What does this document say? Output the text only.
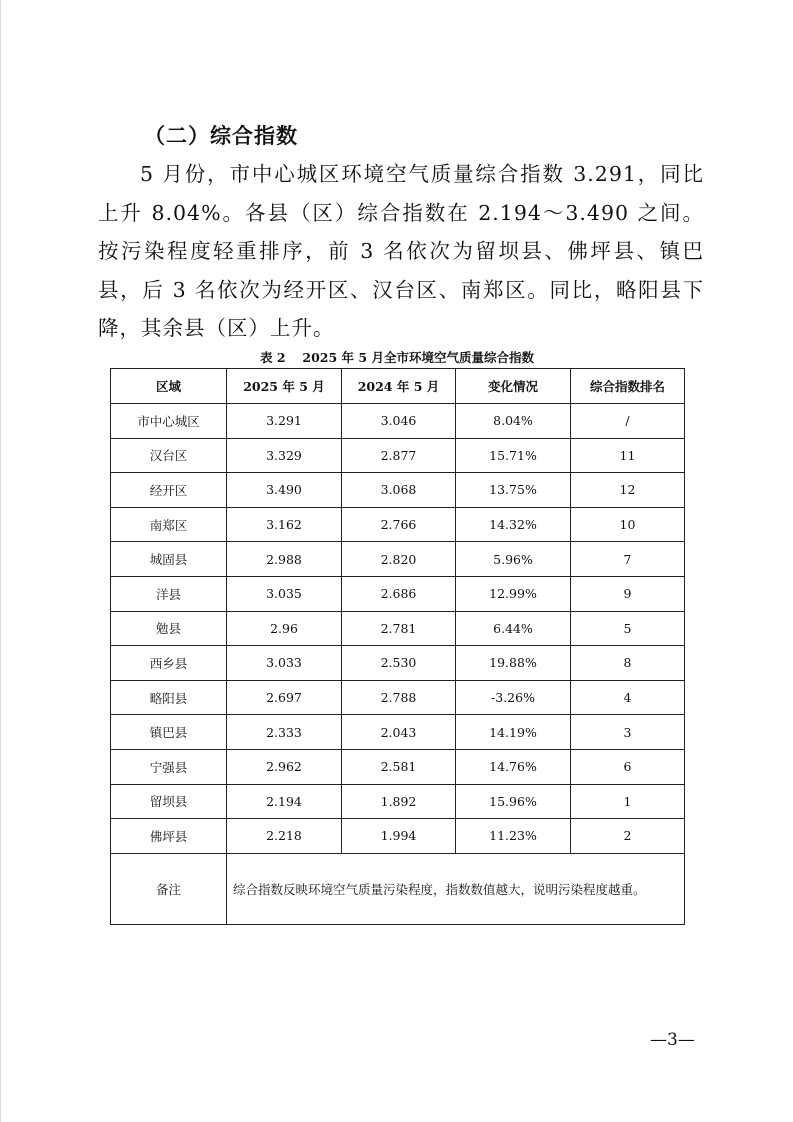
（二）综合指数
5 月份，市中心城区环境空气质量综合指数 3.291，同比上升 8.04%。各县（区）综合指数在 2.194～3.490 之间。按污染程度轻重排序，前 3 名依次为留坝县、佛坪县、镇巴县，后 3 名依次为经开区、汉台区、南郑区。同比，略阳县下降，其余县（区）上升。
表 2　 2025 年 5 月全市环境空气质量综合指数
区域	2025 年 5 月	2024 年 5 月	变化情况	综合指数排名
市中心城区	3.291	3.046	8.04%	/
汉台区	3.329	2.877	15.71%	11
经开区	3.490	3.068	13.75%	12
南郑区	3.162	2.766	14.32%	10
城固县	2.988	2.820	5.96%	7
洋县	3.035	2.686	12.99%	9
勉县	2.96	2.781	6.44%	5
西乡县	3.033	2.530	19.88%	8
略阳县	2.697	2.788	-3.26%	4
镇巴县	2.333	2.043	14.19%	3
宁强县	2.962	2.581	14.76%	6
留坝县	2.194	1.892	15.96%	1
佛坪县	2.218	1.994	11.23%	2
备注	综合指数反映环境空气质量污染程度，指数数值越大，说明污染程度越重。			
—3—
